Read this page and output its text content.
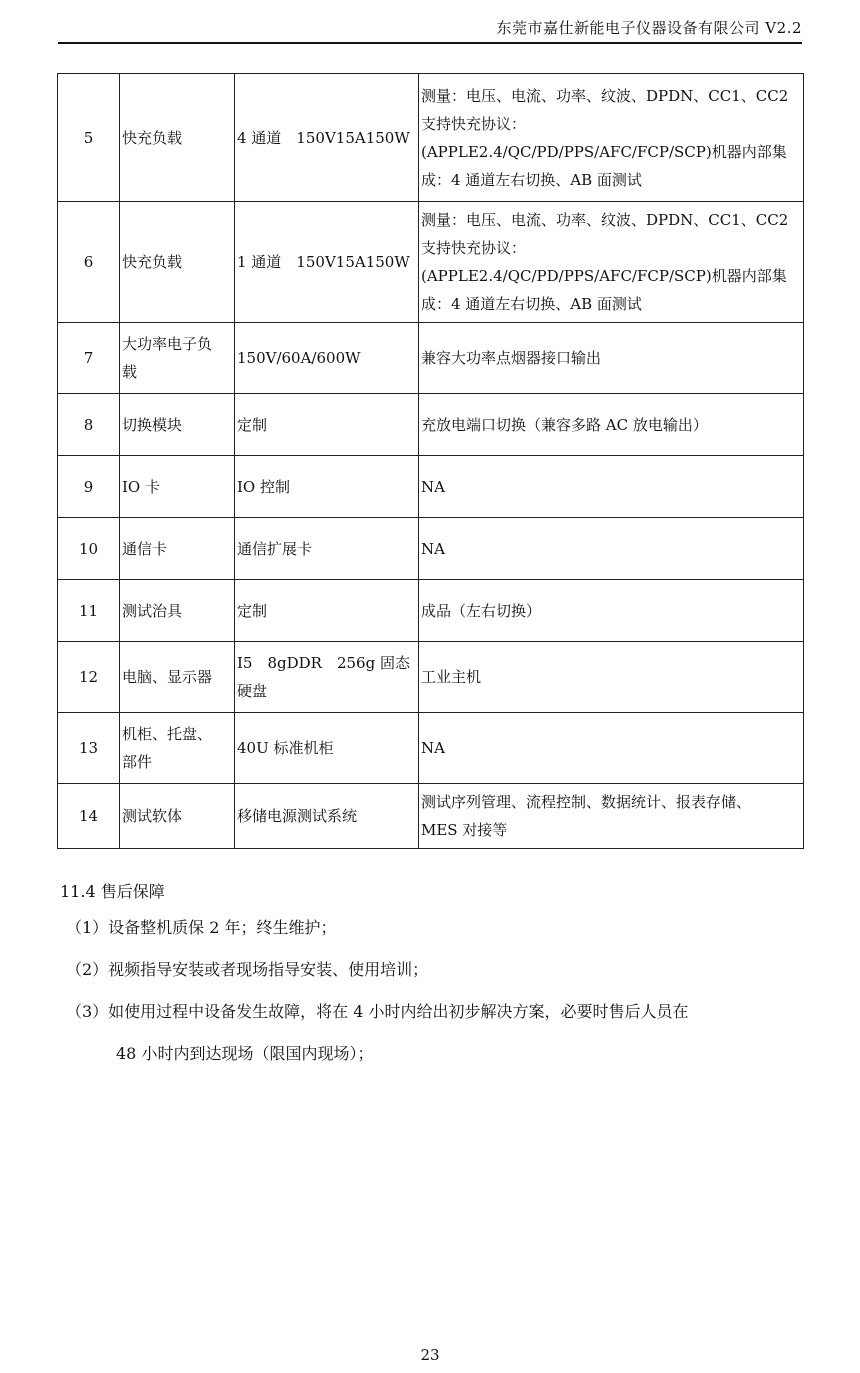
东莞市嘉仕新能电子仪器设备有限公司 V2.2
5	快充负载	4 通道　150V15A150W	测量：电压、电流、功率、纹波、DPDN、CC1、CC2
支持快充协议：
(APPLE2.4/QC/PD/PPS/AFC/FCP/SCP)机器内部集
成：4 通道左右切换、AB 面测试

6	快充负载	1 通道　150V15A150W	测量：电压、电流、功率、纹波、DPDN、CC1、CC2
支持快充协议：
(APPLE2.4/QC/PD/PPS/AFC/FCP/SCP)机器内部集
成：4 通道左右切换、AB 面测试

7	大功率电子负
载	150V/60A/600W	兼容大功率点烟器接口输出

8	切换模块	定制	充放电端口切换（兼容多路 AC 放电输出）

9	IO 卡	IO 控制	NA

10	通信卡	通信扩展卡	NA

11	测试治具	定制	成品（左右切换）

12	电脑、显示器	I5　8gDDR　256g 固态
硬盘	工业主机

13	机柜、托盘、
部件	40U 标准机柜	NA

14	测试软体	移储电源测试系统	测试序列管理、流程控制、数据统计、报表存储、
MES 对接等
11.4 售后保障
（1）设备整机质保 2 年；终生维护；
（2）视频指导安装或者现场指导安装、使用培训；
（3）如使用过程中设备发生故障，将在 4 小时内给出初步解决方案，必要时售后人员在
48 小时内到达现场（限国内现场）；
23
